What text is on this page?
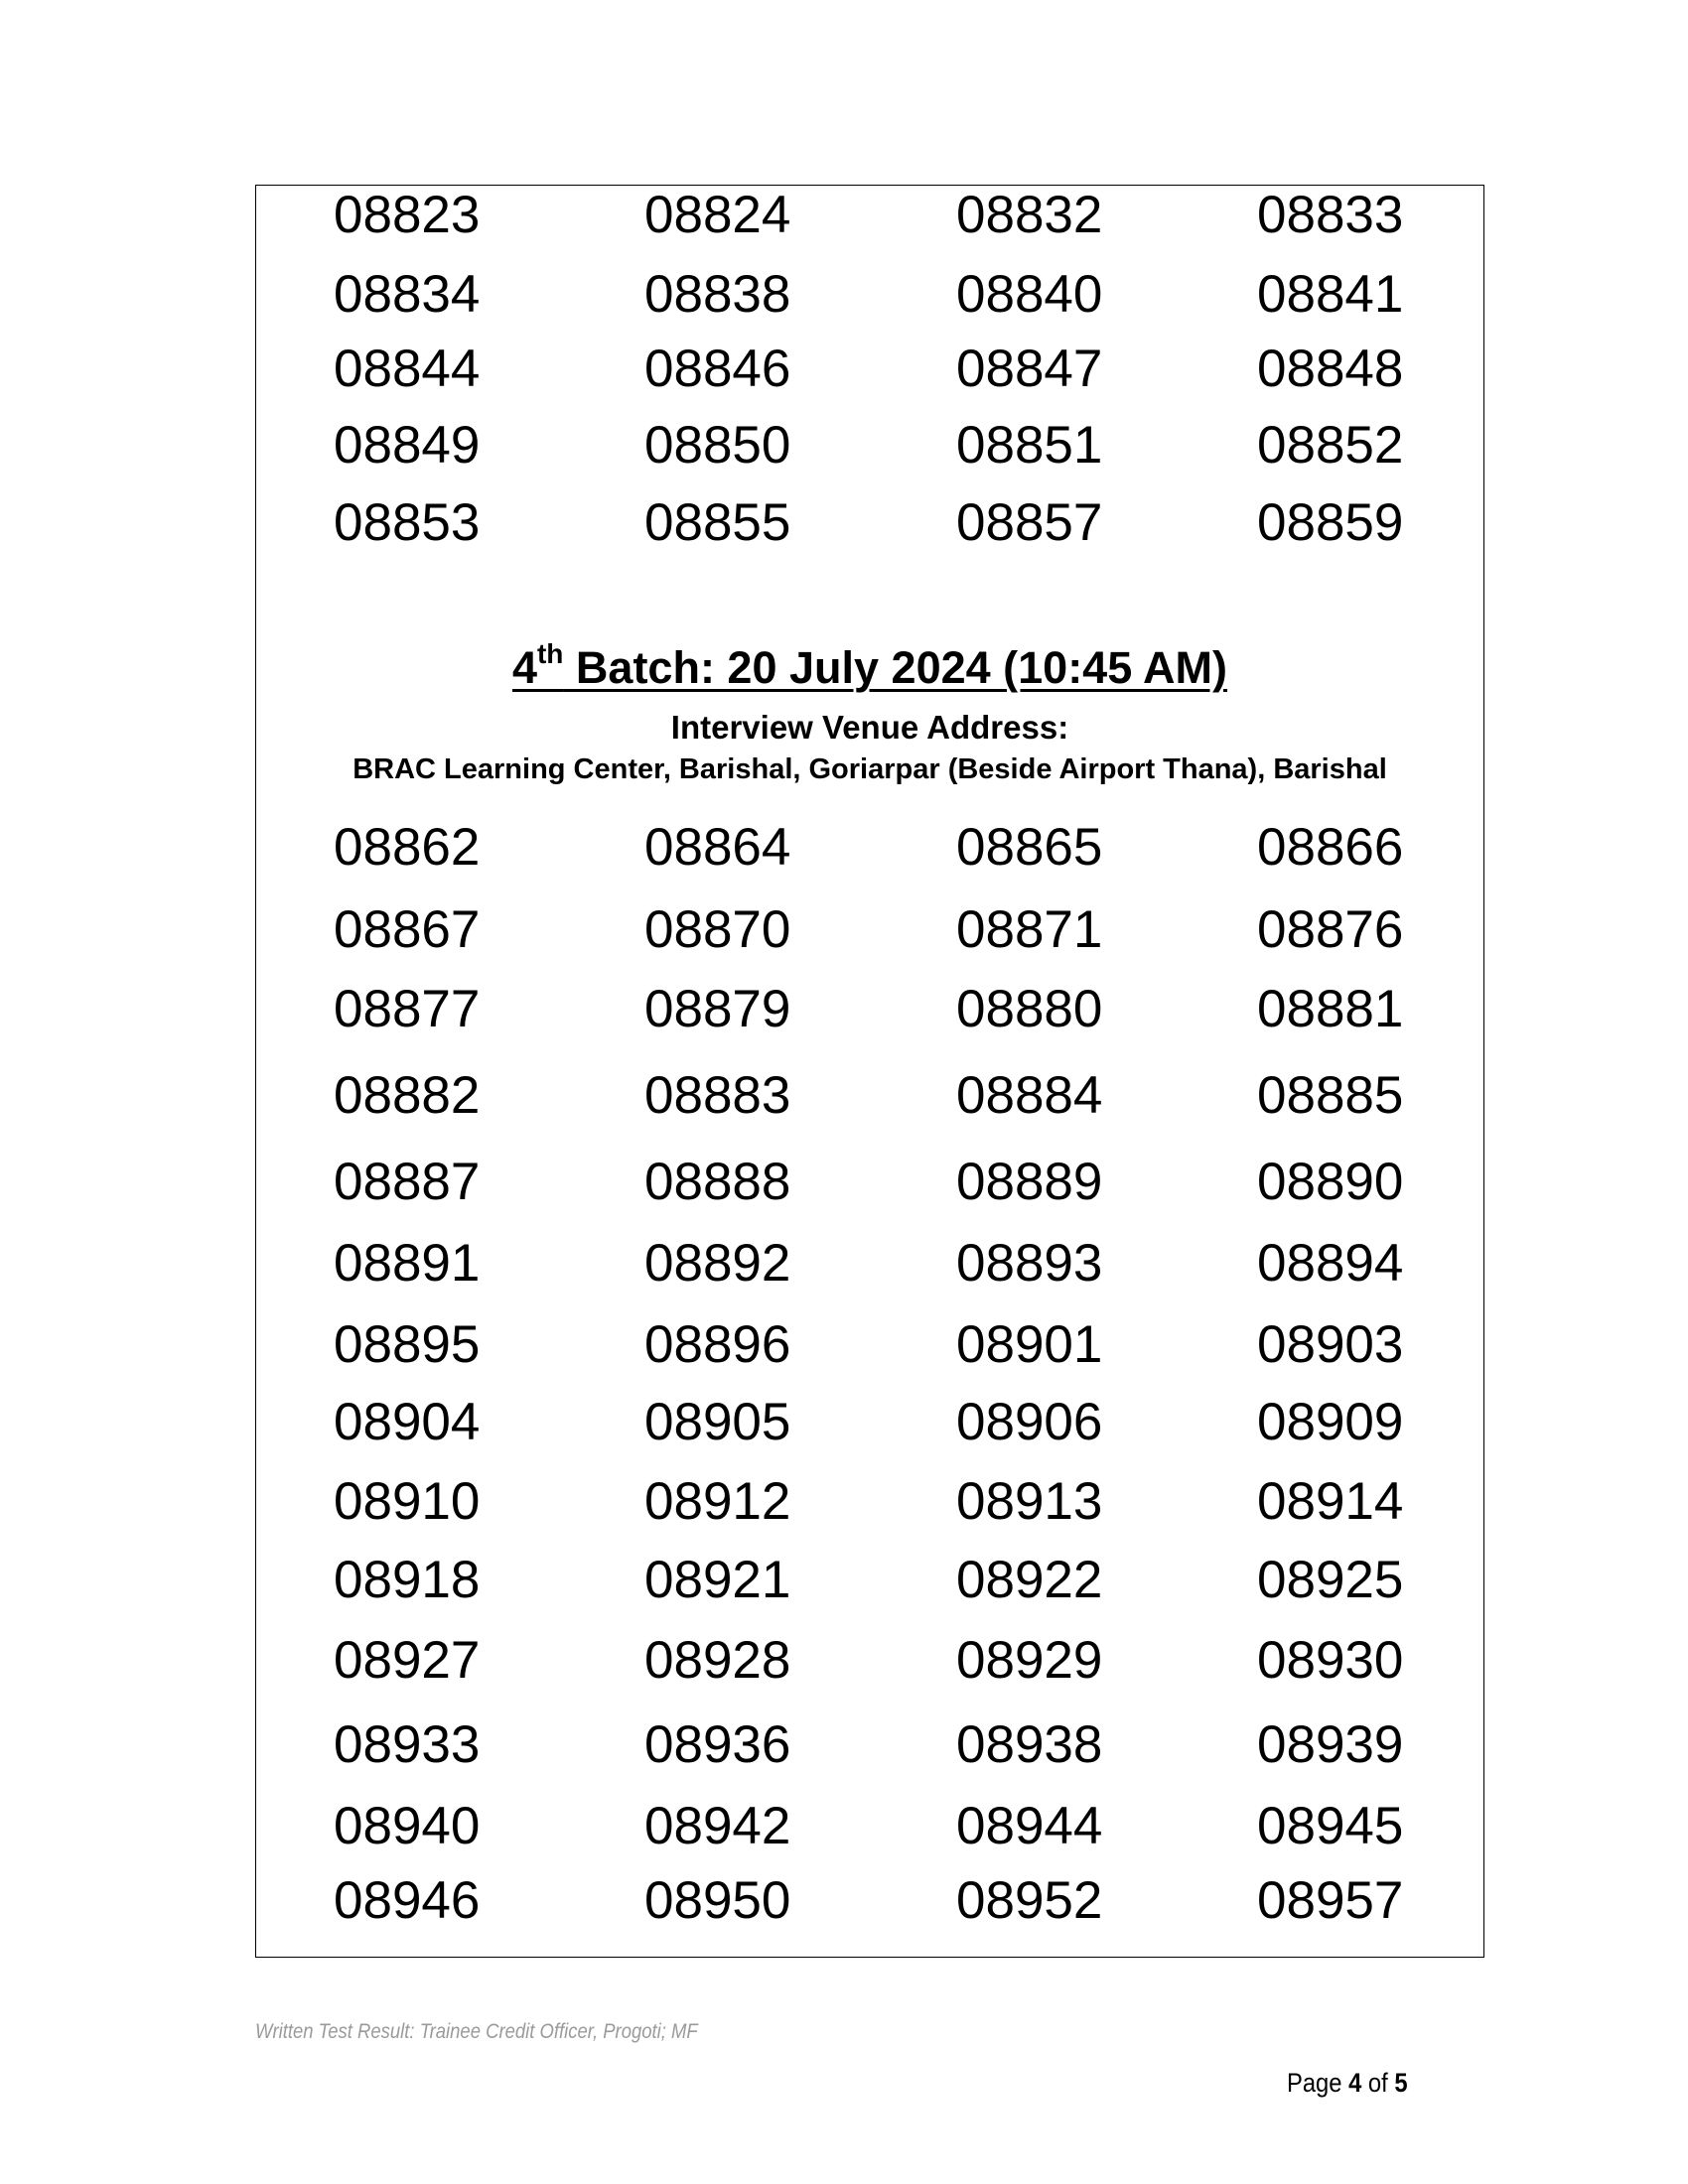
08823	08824	08832	08833
08834	08838	08840	08841
08844	08846	08847	08848
08849	08850	08851	08852
08853	08855	08857	08859
4th Batch: 20 July 2024 (10:45 AM)
Interview Venue Address:
BRAC Learning Center, Barishal, Goriarpar (Beside Airport Thana), Barishal
08862	08864	08865	08866
08867	08870	08871	08876
08877	08879	08880	08881
08882	08883	08884	08885
08887	08888	08889	08890
08891	08892	08893	08894
08895	08896	08901	08903
08904	08905	08906	08909
08910	08912	08913	08914
08918	08921	08922	08925
08927	08928	08929	08930
08933	08936	08938	08939
08940	08942	08944	08945
08946	08950	08952	08957
Written Test Result: Trainee Credit Officer, Progoti; MF
Page 4 of 5
